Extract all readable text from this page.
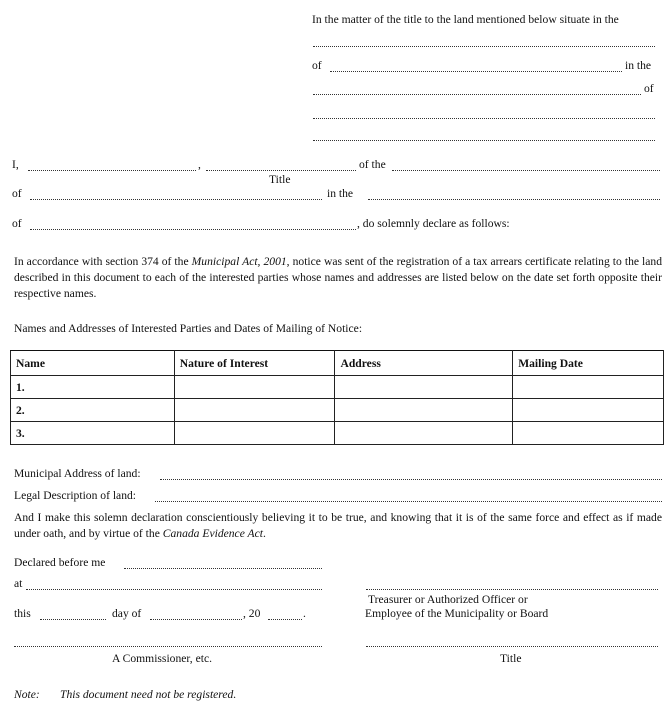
In the matter of the title to the land mentioned below situate in the
of	in the
of
I,	,	of the
Title
of	in the
of	, do solemnly declare as follows:
In accordance with section 374 of the Municipal Act, 2001, notice was sent of the registration of a tax arrears certificate relating to the land described in this document to each of the interested parties whose names and addresses are listed below on the date set forth opposite their respective names.
Names and Addresses of Interested Parties and Dates of Mailing of Notice:
Name	Nature of Interest	Address	Mailing Date
1.			
2.			
3.			
Municipal Address of land:
Legal Description of land:
And I make this solemn declaration conscientiously believing it to be true, and knowing that it is of the same force and effect as if made under oath, and by virtue of the Canada Evidence Act.
Declared before me
at
Treasurer or Authorized Officer or
Employee of the Municipality or Board
this	day of	, 20	.
A Commissioner, etc.	Title
Note: This document need not be registered.
